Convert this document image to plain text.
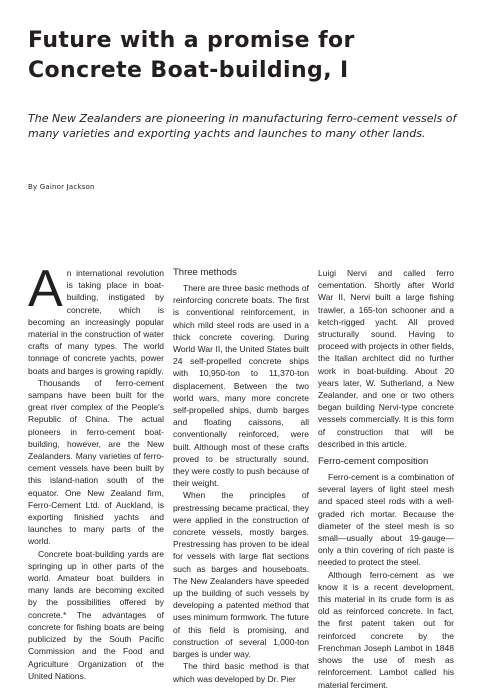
Future with a promise for
Concrete Boat-building, I

The New Zealanders are pioneering in manufacturing ferro-cement vessels of many varieties and exporting yachts and launches to many other lands.

By Gainor Jackson

An international revolution is taking place in boat-building, instigated by concrete, which is becoming an increasingly popular material in the construction of water crafts of many types. The world tonnage of concrete yachts, power boats and barges is growing rapidly.

Thousands of ferro-cement sampans have been built for the great river complex of the People's Republic of China. The actual pioneers in ferro-cement boat-building, however, are the New Zealanders. Many varieties of ferro-cement vessels have been built by this island-nation south of the equator. One New Zealand firm, Ferro-Cement Ltd. of Auckland, is exporting finished yachts and launches to many parts of the world.

Concrete boat-building yards are springing up in other parts of the world. Amateur boat builders in many lands are becoming excited by the possibilities offered by concrete.* The advantages of concrete for fishing boats are being publicized by the South Pacific Commission and the Food and Agriculture Organization of the United Nations.

Three methods

There are three basic methods of reinforcing concrete boats. The first is conventional reinforcement, in which mild steel rods are used in a thick concrete covering. During World War II, the United States built 24 self-propelled concrete ships with 10,950-ton to 11,370-ton displacement. Between the two world wars, many more concrete self-propelled ships, dumb barges and floating caissons, all conventionally reinforced, were built. Although most of these crafts proved to be structurally sound, they were costly to push because of their weight.

When the principles of prestressing became practical, they were applied in the construction of concrete vessels, mostly barges. Prestressing has proven to be ideal for vessels with large flat sections such as barges and houseboats. The New Zealanders have speeded up the building of such vessels by developing a patented method that uses minimum formwork. The future of this field is promising, and construction of several 1,000-ton barges is under way.

The third basic method is that which was developed by Dr. Pier

Luigi Nervi and called ferro cementation. Shortly after World War II, Nervi built a large fishing trawler, a 165-ton schooner and a ketch-rigged yacht. All proved structurally sound. Having to proceed with projects in other fields, the Italian architect did no further work in boat-building. About 20 years later, W. Sutherland, a New Zealander, and one or two others began building Nervi-type concrete vessels commercially. It is this form of construction that will be described in this article.

Ferro-cement composition

Ferro-cement is a combination of several layers of light steel mesh and spaced steel rods with a well-graded rich mortar. Because the diameter of the steel mesh is so small—usually about 19-gauge—only a thin covering of rich paste is needed to protect the steel.

Although ferro-cement as we know it is a recent development, this material in its crude form is as old as reinforced concrete. In fact, the first patent taken out for reinforced concrete by the Frenchman Joseph Lambot in 1848 shows the use of mesh as reinforcement. Lambot called his material ferciment.
